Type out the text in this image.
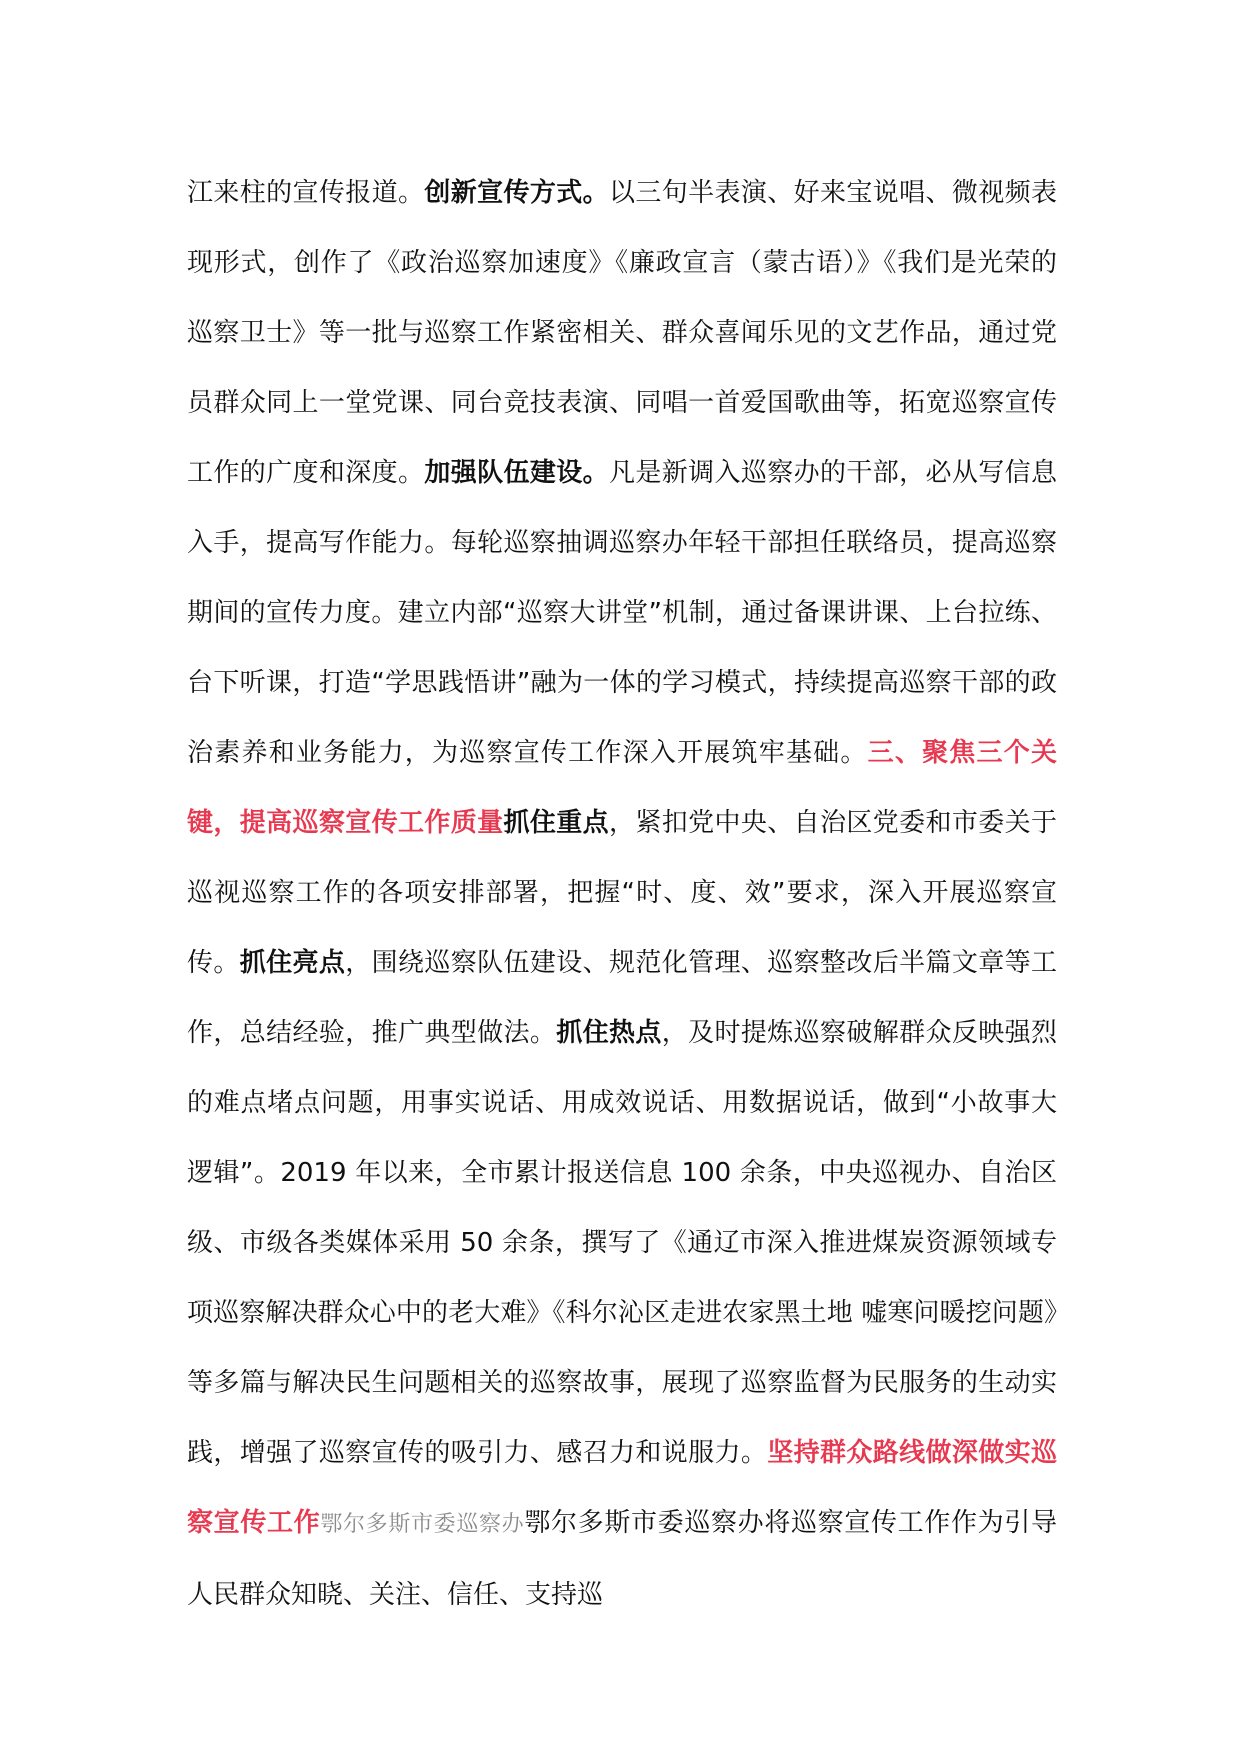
江来柱的宣传报道。创新宣传方式。以三句半表演、好来宝说唱、微视频表现形式，创作了《政治巡察加速度》《廉政宣言（蒙古语）》《我们是光荣的巡察卫士》等一批与巡察工作紧密相关、群众喜闻乐见的文艺作品，通过党员群众同上一堂党课、同台竞技表演、同唱一首爱国歌曲等，拓宽巡察宣传工作的广度和深度。加强队伍建设。凡是新调入巡察办的干部，必从写信息入手，提高写作能力。每轮巡察抽调巡察办年轻干部担任联络员，提高巡察期间的宣传力度。建立内部“巡察大讲堂”机制，通过备课讲课、上台拉练、台下听课，打造“学思践悟讲”融为一体的学习模式，持续提高巡察干部的政治素养和业务能力，为巡察宣传工作深入开展筑牢基础。三、聚焦三个关键，提高巡察宣传工作质量抓住重点，紧扣党中央、自治区党委和市委关于巡视巡察工作的各项安排部署，把握“时、度、效”要求，深入开展巡察宣传。抓住亮点，围绕巡察队伍建设、规范化管理、巡察整改后半篇文章等工作，总结经验，推广典型做法。抓住热点，及时提炼巡察破解群众反映强烈的难点堵点问题，用事实说话、用成效说话、用数据说话，做到“小故事大逻辑”。2019 年以来，全市累计报送信息 100 余条，中央巡视办、自治区级、市级各类媒体采用 50 余条，撰写了《通辽市深入推进煤炭资源领域专项巡察解决群众心中的老大难》《科尔沁区走进农家黑土地 嘘寒问暖挖问题》等多篇与解决民生问题相关的巡察故事，展现了巡察监督为民服务的生动实践，增强了巡察宣传的吸引力、感召力和说服力。坚持群众路线做深做实巡察宣传工作鄂尔多斯市委巡察办鄂尔多斯市委巡察办将巡察宣传工作作为引导人民群众知晓、关注、信任、支持巡
